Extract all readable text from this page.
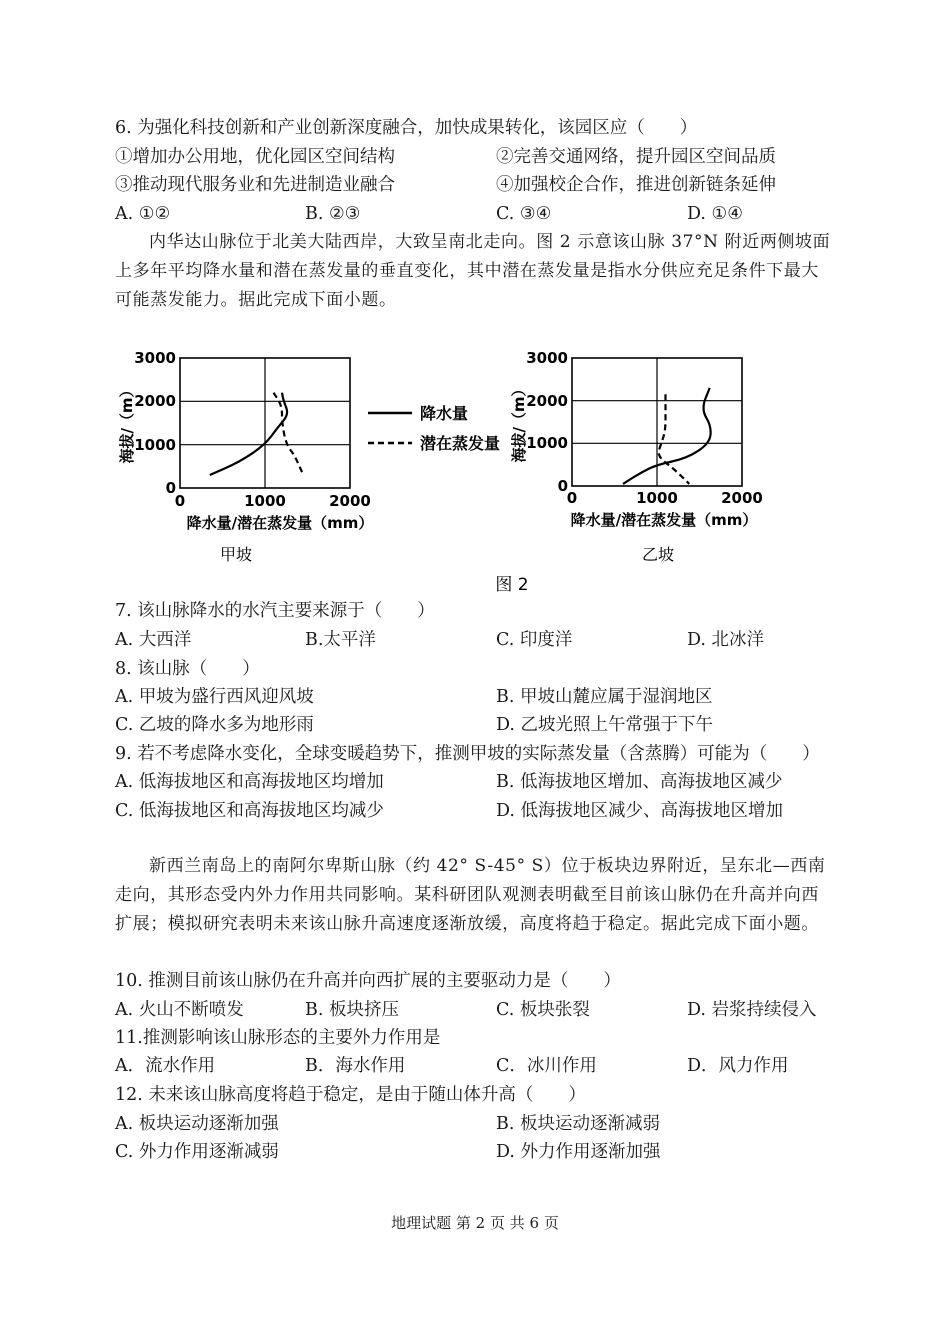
6. 为强化科技创新和产业创新深度融合，加快成果转化，该园区应（　　）
①增加办公用地，优化园区空间结构	②完善交通网络，提升园区空间品质
③推动现代服务业和先进制造业融合	④加强校企合作，推进创新链条延伸
A. ①②	B. ②③	C. ③④	D. ①④
内华达山脉位于北美大陆西岸，大致呈南北走向。图 2 示意该山脉 37°N 附近两侧坡面上多年平均降水量和潜在蒸发量的垂直变化，其中潜在蒸发量是指水分供应充足条件下最大可能蒸发能力。据此完成下面小题。
3000
2000
1000
0
0	1000	2000
海拔/（m）
降水量/潜在蒸发量（mm）
甲坡
降水量
潜在蒸发量
3000
2000
1000
0
0	1000	2000
海拔/（m）
降水量/潜在蒸发量（mm）
乙坡
图 2
7. 该山脉降水的水汽主要来源于（　　）
A. 大西洋	B.太平洋	C. 印度洋	D. 北冰洋
8. 该山脉（　　）
A. 甲坡为盛行西风迎风坡	B. 甲坡山麓应属于湿润地区
C. 乙坡的降水多为地形雨	D. 乙坡光照上午常强于下午
9. 若不考虑降水变化，全球变暖趋势下，推测甲坡的实际蒸发量（含蒸腾）可能为（　　）
A. 低海拔地区和高海拔地区均增加	B. 低海拔地区增加、高海拔地区减少
C. 低海拔地区和高海拔地区均减少	D. 低海拔地区减少、高海拔地区增加
新西兰南岛上的南阿尔卑斯山脉（约 42° S-45° S）位于板块边界附近，呈东北—西南走向，其形态受内外力作用共同影响。某科研团队观测表明截至目前该山脉仍在升高并向西扩展；模拟研究表明未来该山脉升高速度逐渐放缓，高度将趋于稳定。据此完成下面小题。
10. 推测目前该山脉仍在升高并向西扩展的主要驱动力是（　　）
A. 火山不断喷发	B. 板块挤压	C. 板块张裂	D. 岩浆持续侵入
11.推测影响该山脉形态的主要外力作用是
A．流水作用	B．海水作用	C．冰川作用	D．风力作用
12. 未来该山脉高度将趋于稳定，是由于随山体升高（　　）
A. 板块运动逐渐加强	B. 板块运动逐渐减弱
C. 外力作用逐渐减弱	D. 外力作用逐渐加强
地理试题 第 2 页 共 6 页
